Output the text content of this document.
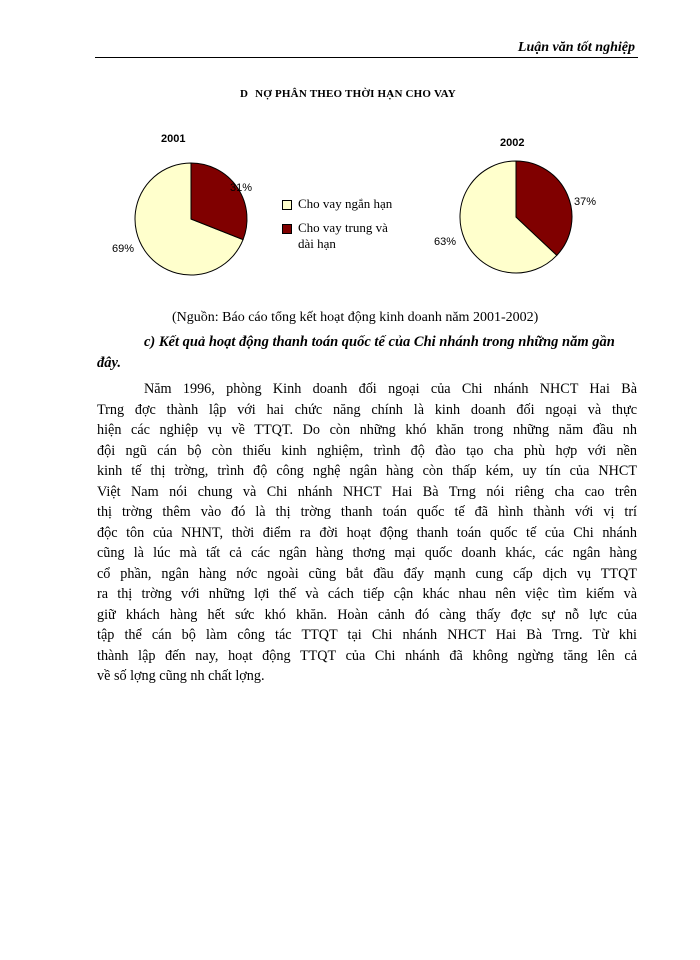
Luận văn tốt nghiệp
D NỢ PHÂN THEO THỜI HẠN CHO VAY
2001
31%
69%
Cho vay ngắn hạn
Cho vay trung và
dài hạn
2002
37%
63%
(Nguồn: Báo cáo tổng kết hoạt động kinh doanh năm 2001-2002)
c) Kết quả hoạt động thanh toán quốc tế của Chi nhánh trong những năm gần đây.

Năm 1996, phòng Kinh doanh đối ngoại của Chi nhánh NHCT Hai Bà

Trng đợc thành lập với hai chức năng chính là kinh doanh đối ngoại và thực

hiện các nghiệp vụ về TTQT. Do còn những khó khăn trong những năm đầu nh

đội ngũ cán bộ còn thiếu kinh nghiệm, trình độ đào tạo cha phù hợp với nền

kinh tế thị trờng, trình độ công nghệ ngân hàng còn thấp kém, uy tín của NHCT

Việt Nam nói chung và Chi nhánh NHCT Hai Bà Trng nói riêng cha cao trên

thị trờng thêm vào đó là thị trờng thanh toán quốc tế đã hình thành với vị trí

độc tôn của NHNT, thời điểm ra đời hoạt động thanh toán quốc tế của Chi nhánh

cũng là lúc mà tất cả các ngân hàng thơng mại quốc doanh khác, các ngân hàng

cổ phần, ngân hàng nớc ngoài cũng bắt đầu đẩy mạnh cung cấp dịch vụ TTQT

ra thị trờng với những lợi thế và cách tiếp cận khác nhau nên việc tìm kiếm và

giữ khách hàng hết sức khó khăn. Hoàn cảnh đó càng thấy đợc sự nỗ lực của

tập thể cán bộ làm công tác TTQT tại Chi nhánh NHCT Hai Bà Trng. Từ khi

thành lập đến nay, hoạt động TTQT của Chi nhánh đã không ngừng tăng lên cả

về số lợng cũng nh chất lợng.
